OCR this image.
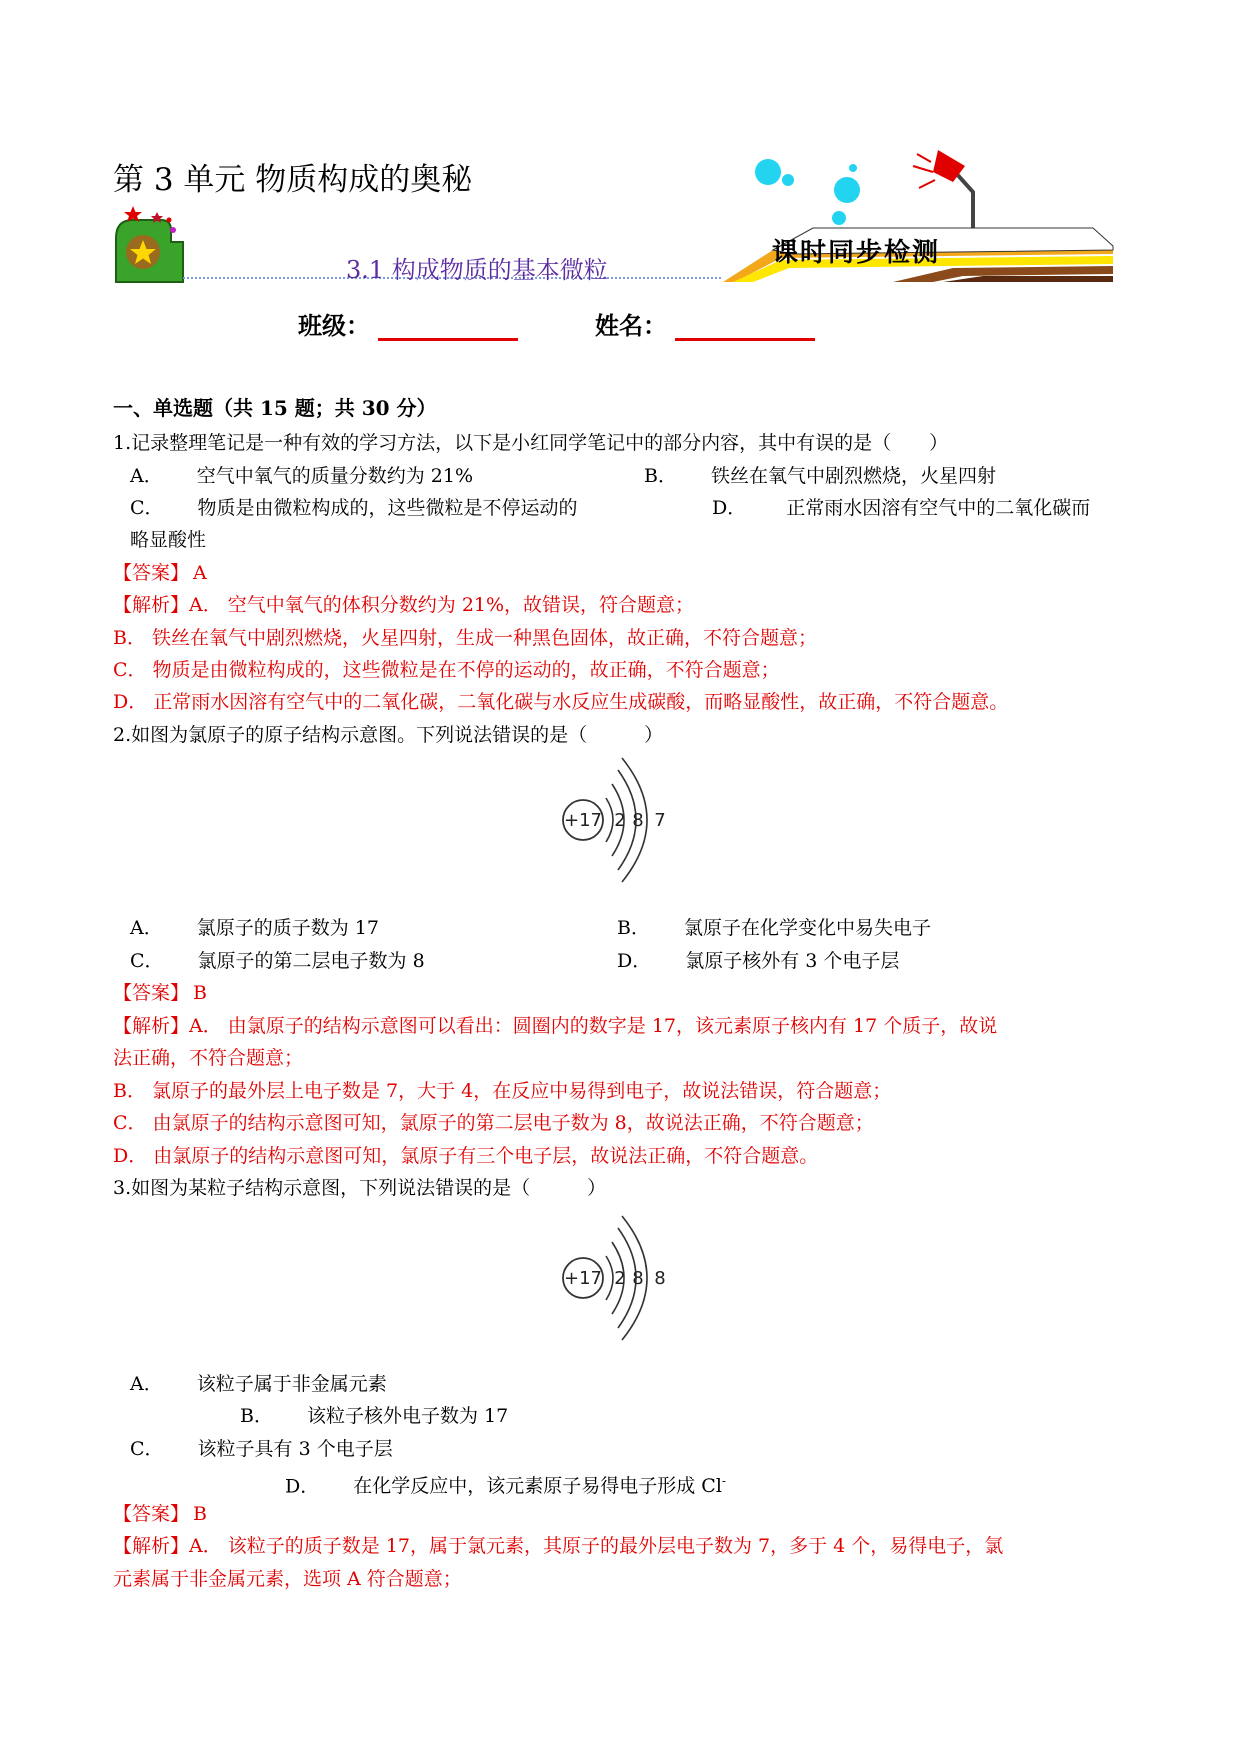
第 3 单元 物质构成的奥秘
3.1 构成物质的基本微粒
课时同步检测
班级：	姓名：
一、单选题（共 15 题；共 30 分）
1.记录整理笔记是一种有效的学习方法，以下是小红同学笔记中的部分内容，其中有误的是（　　）
A． 空气中氧气的质量分数约为 21%	B． 铁丝在氧气中剧烈燃烧，火星四射
C． 物质是由微粒构成的，这些微粒是不停运动的	D． 正常雨水因溶有空气中的二氧化碳而
略显酸性
【答案】 A
【解析】A． 空气中氧气的体积分数约为 21%，故错误，符合题意；
B． 铁丝在氧气中剧烈燃烧，火星四射，生成一种黑色固体，故正确，不符合题意；
C． 物质是由微粒构成的，这些微粒是在不停的运动的，故正确，不符合题意；
D． 正常雨水因溶有空气中的二氧化碳，二氧化碳与水反应生成碳酸，而略显酸性，故正确，不符合题意。
2.如图为氯原子的原子结构示意图。下列说法错误的是（　　　）
+17 2 8 7
A． 氯原子的质子数为 17	B． 氯原子在化学变化中易失电子
C． 氯原子的第二层电子数为 8	D． 氯原子核外有 3 个电子层
【答案】 B
【解析】A． 由氯原子的结构示意图可以看出：圆圈内的数字是 17，该元素原子核内有 17 个质子，故说
法正确，不符合题意；
B． 氯原子的最外层上电子数是 7，大于 4，在反应中易得到电子，故说法错误，符合题意；
C． 由氯原子的结构示意图可知，氯原子的第二层电子数为 8，故说法正确，不符合题意；
D． 由氯原子的结构示意图可知，氯原子有三个电子层，故说法正确，不符合题意。
3.如图为某粒子结构示意图，下列说法错误的是（　　　）
+17 2 8 8
A． 该粒子属于非金属元素
B． 该粒子核外电子数为 17
C． 该粒子具有 3 个电子层
D． 在化学反应中，该元素原子易得电子形成 Cl-
【答案】 B
【解析】A． 该粒子的质子数是 17，属于氯元素，其原子的最外层电子数为 7，多于 4 个，易得电子，氯
元素属于非金属元素，选项 A 符合题意；
